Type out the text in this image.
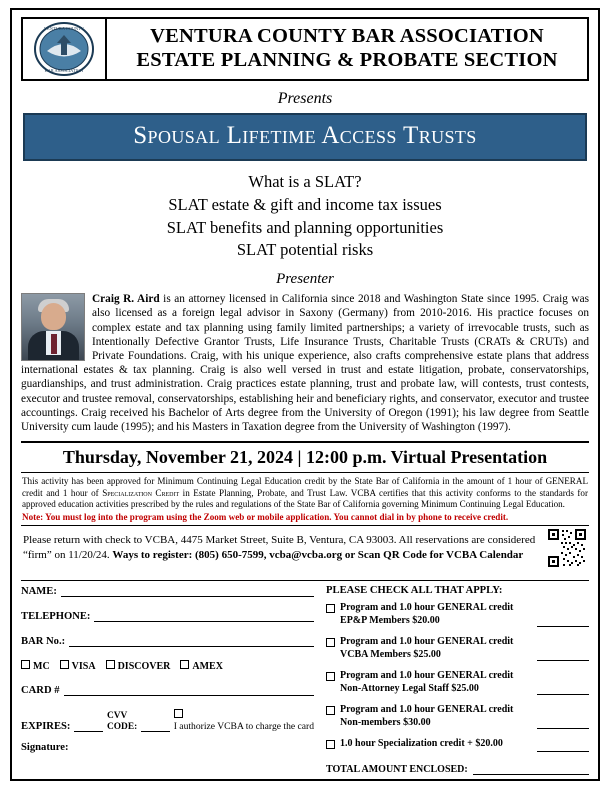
VENTURA COUNTY
BAR ASSOCIATION
VENTURA COUNTY BAR ASSOCIATION
ESTATE PLANNING & PROBATE SECTION
Presents
Spousal Lifetime Access Trusts
What is a SLAT?
SLAT estate & gift and income tax issues
SLAT benefits and planning opportunities
SLAT potential risks
Presenter
Craig R. Aird is an attorney licensed in California since 2018 and Washington State since 1995. Craig was also licensed as a foreign legal advisor in Saxony (Germany) from 2010-2016. His practice focuses on complex estate and tax planning using family limited partnerships; a variety of irrevocable trusts, such as Intentionally Defective Grantor Trusts, Life Insurance Trusts, Charitable Trusts (CRATs & CRUTs) and Private Foundations. Craig, with his unique experience, also crafts comprehensive estate plans that address international estates & tax planning. Craig is also well versed in trust and estate litigation, probate, conservatorships, guardianships, and trust administration. Craig practices estate planning, trust and probate law, will contests, trust contests, executor and trustee removal, conservatorships, establishing heir and beneficiary rights, and conservator, executor and trustee accountings. Craig received his Bachelor of Arts degree from the University of Oregon (1991); his law degree from Seattle University cum laude (1995); and his Masters in Taxation degree from the University of Washington (1997).
Thursday, November 21, 2024 | 12:00 p.m. Virtual Presentation
This activity has been approved for Minimum Continuing Legal Education credit by the State Bar of California in the amount of 1 hour of GENERAL credit and 1 hour of Specialization Credit in Estate Planning, Probate, and Trust Law. VCBA certifies that this activity conforms to the standards for approved education activities prescribed by the rules and regulations of the State Bar of California governing Minimum Continuing Legal Education.
Note: You must log into the program using the Zoom web or mobile application. You cannot dial in by phone to receive credit.
Please return with check to VCBA, 4475 Market Street, Suite B, Ventura, CA 93003. All reservations are considered
“firm” on 11/20/24. Ways to register: (805) 650-7599, vcba@vcba.org or Scan QR Code for VCBA Calendar
NAME:
TELEPHONE:
BAR No.:
MC	VISA	DISCOVER	AMEX
CARD #
EXPIRES:
CVV CODE:	I authorize VCBA to charge the card
Signature:
PLEASE CHECK ALL THAT APPLY:
Program and 1.0 hour GENERAL credit
EP&P Members $20.00
Program and 1.0 hour GENERAL credit
VCBA Members $25.00
Program and 1.0 hour GENERAL credit
Non-Attorney Legal Staff $25.00
Program and 1.0 hour GENERAL credit
Non-members $30.00
1.0 hour Specialization credit + $20.00
TOTAL AMOUNT ENCLOSED:
